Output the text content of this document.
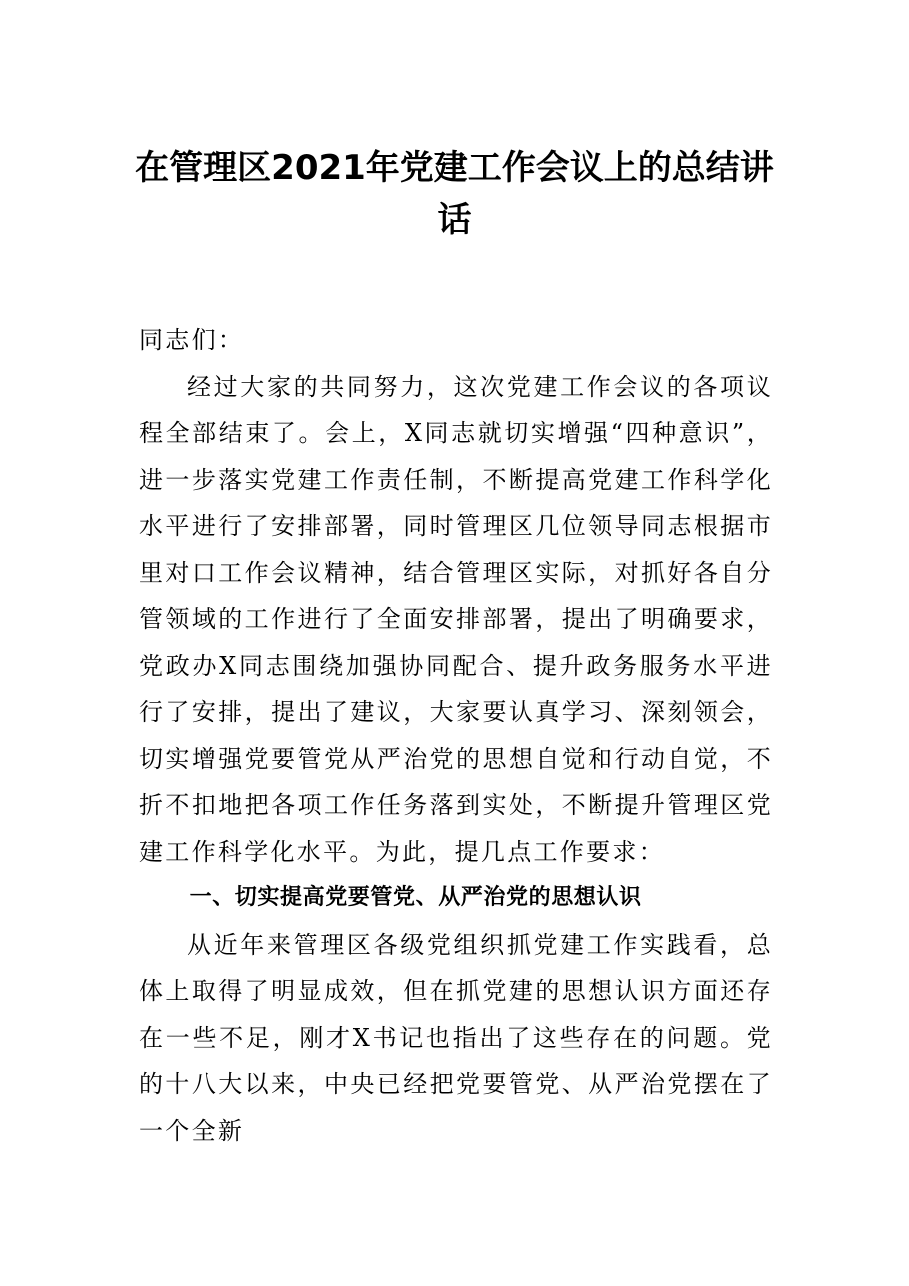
在管理区2021年党建工作会议上的总结讲话

同志们：

经过大家的共同努力，这次党建工作会议的各项议程全部结束了。会上，X同志就切实增强“四种意识”，进一步落实党建工作责任制，不断提高党建工作科学化水平进行了安排部署，同时管理区几位领导同志根据市里对口工作会议精神，结合管理区实际，对抓好各自分管领域的工作进行了全面安排部署，提出了明确要求，党政办X同志围绕加强协同配合、提升政务服务水平进行了安排，提出了建议，大家要认真学习、深刻领会，切实增强党要管党从严治党的思想自觉和行动自觉，不折不扣地把各项工作任务落到实处，不断提升管理区党建工作科学化水平。为此，提几点工作要求：

一、切实提高党要管党、从严治党的思想认识

从近年来管理区各级党组织抓党建工作实践看，总体上取得了明显成效，但在抓党建的思想认识方面还存在一些不足，刚才X书记也指出了这些存在的问题。党的十八大以来，中央已经把党要管党、从严治党摆在了一个全新
